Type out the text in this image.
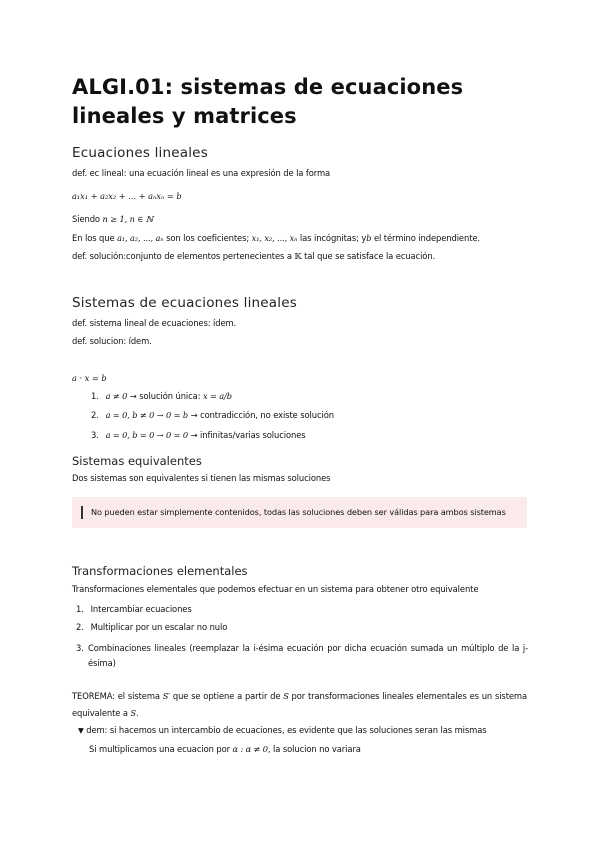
ALGI.01: sistemas de ecuaciones lineales y matrices
Ecuaciones lineales
def. ec lineal: una ecuación lineal es una expresión de la forma
a₁x₁ + a₂x₂ + ... + aₙxₙ = b
Siendo n ≥ 1, n ∈ ℕ
En los que a₁, a₂, ..., aₙ son los coeficientes; x₁, x₂, ..., xₙ las incógnitas; yb el término independiente.
def. solución:conjunto de elementos pertenecientes a 𝕂 tal que se satisface la ecuación.
Sistemas de ecuaciones lineales
def. sistema lineal de ecuaciones: ídem.
def. solucion: ídem.
a · x = b
1. a ≠ 0 → solución única: x = a/b
2. a = 0, b ≠ 0 → 0 = b → contradicción, no existe solución
3. a = 0, b = 0 → 0 = 0 → infinitas/varias soluciones
Sistemas equivalentes
Dos sistemas son equivalentes si tienen las mismas soluciones
No pueden estar simplemente contenidos, todas las soluciones deben ser válidas para ambos sistemas
Transformaciones elementales
Transformaciones elementales que podemos efectuar en un sistema para obtener otro equivalente
1. Intercambiar ecuaciones
2. Multiplicar por un escalar no nulo
3. Combinaciones lineales (reemplazar la i-ésima ecuación por dicha ecuación sumada un múltiplo de la j-ésima)
TEOREMA: el sistema S′ que se optiene a partir de S por transformaciones lineales elementales es un sistema equivalente a S.
▼ dem: si hacemos un intercambio de ecuaciones, es evidente que las soluciones seran las mismas
Si multiplicamos una ecuacion por α : α ≠ 0, la solucion no variara
